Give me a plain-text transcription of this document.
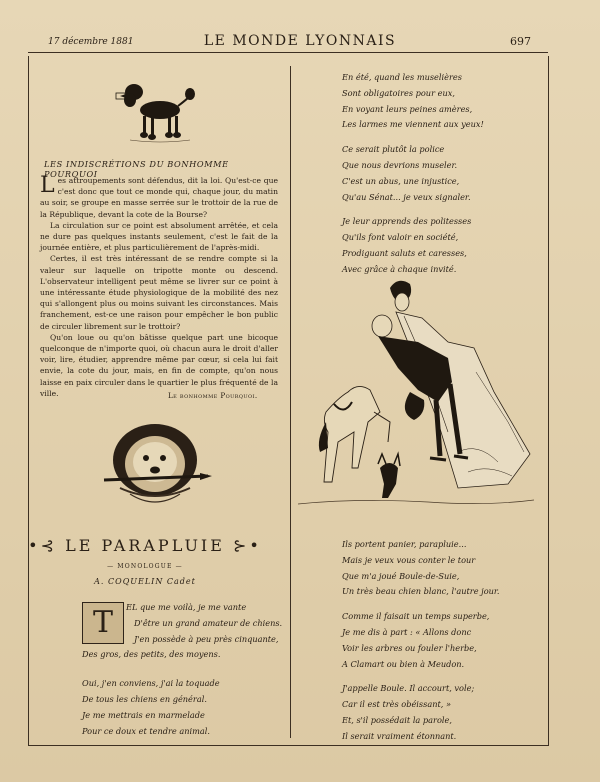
17 décembre 1881	LE MONDE LYONNAIS	697
LES INDISCRÉTIONS DU BONHOMME POURQUOI

Les attroupements sont défendus, dit la loi. Qu'est-ce que c'est donc que tout ce monde qui, chaque jour, du matin au soir, se groupe en masse serrée sur le trottoir de la rue de la République, devant la cote de la Bourse?

La circulation sur ce point est absolument arrêtée, et cela ne dure pas quelques instants seulement, c'est le fait de la journée entière, et plus particulièrement de l'après-midi.

Certes, il est très intéressant de se rendre compte si la valeur sur laquelle on tripotte monte ou descend. L'observateur intelligent peut même se livrer sur ce point à une intéressante étude physiologique de la mobilité des nez qui s'allongent plus ou moins suivant les circonstances. Mais franchement, est-ce une raison pour empêcher le bon public de circuler librement sur le trottoir?

Qu'on loue ou qu'on bâtisse quelque part une bicoque quelconque de n'importe quoi, où chacun aura le droit d'aller voir, lire, étudier, apprendre même par cœur, si cela lui fait envie, la cote du jour, mais, en fin de compte, qu'on nous laisse en paix circuler dans le quartier le plus fréquenté de la ville.	Le bonhomme Pourquoi.
•⊰ LE PARAPLUIE ⊱•
— MONOLOGUE —
A. COQUELIN Cadet
T	EL que me voilà, je me vante
D'être un grand amateur de chiens.
J'en possède à peu près cinquante,
Des gros, des petits, des moyens.
Oui, j'en conviens, j'ai la toquade
De tous les chiens en général.
Je me mettrais en marmelade
Pour ce doux et tendre animal.
En été, quand les muselières
Sont obligatoires pour eux,
En voyant leurs peines amères,
Les larmes me viennent aux yeux!
Ce serait plutôt la police
Que nous devrions museler.
C'est un abus, une injustice,
Qu'au Sénat... je veux signaler.
Je leur apprends des politesses
Qu'ils font valoir en société,
Prodiguant saluts et caresses,
Avec grâce à chaque invité.
Ils portent panier, parapluie...
Mais je veux vous conter le tour
Que m'a joué Boule-de-Suie,
Un très beau chien blanc, l'autre jour.
Comme il faisait un temps superbe,
Je me dis à part : « Allons donc
Voir les arbres ou fouler l'herbe,
A Clamart ou bien à Meudon.
J'appelle Boule. Il accourt, vole;
Car il est très obéissant, »
Et, s'il possédait la parole,
Il serait vraiment étonnant.
